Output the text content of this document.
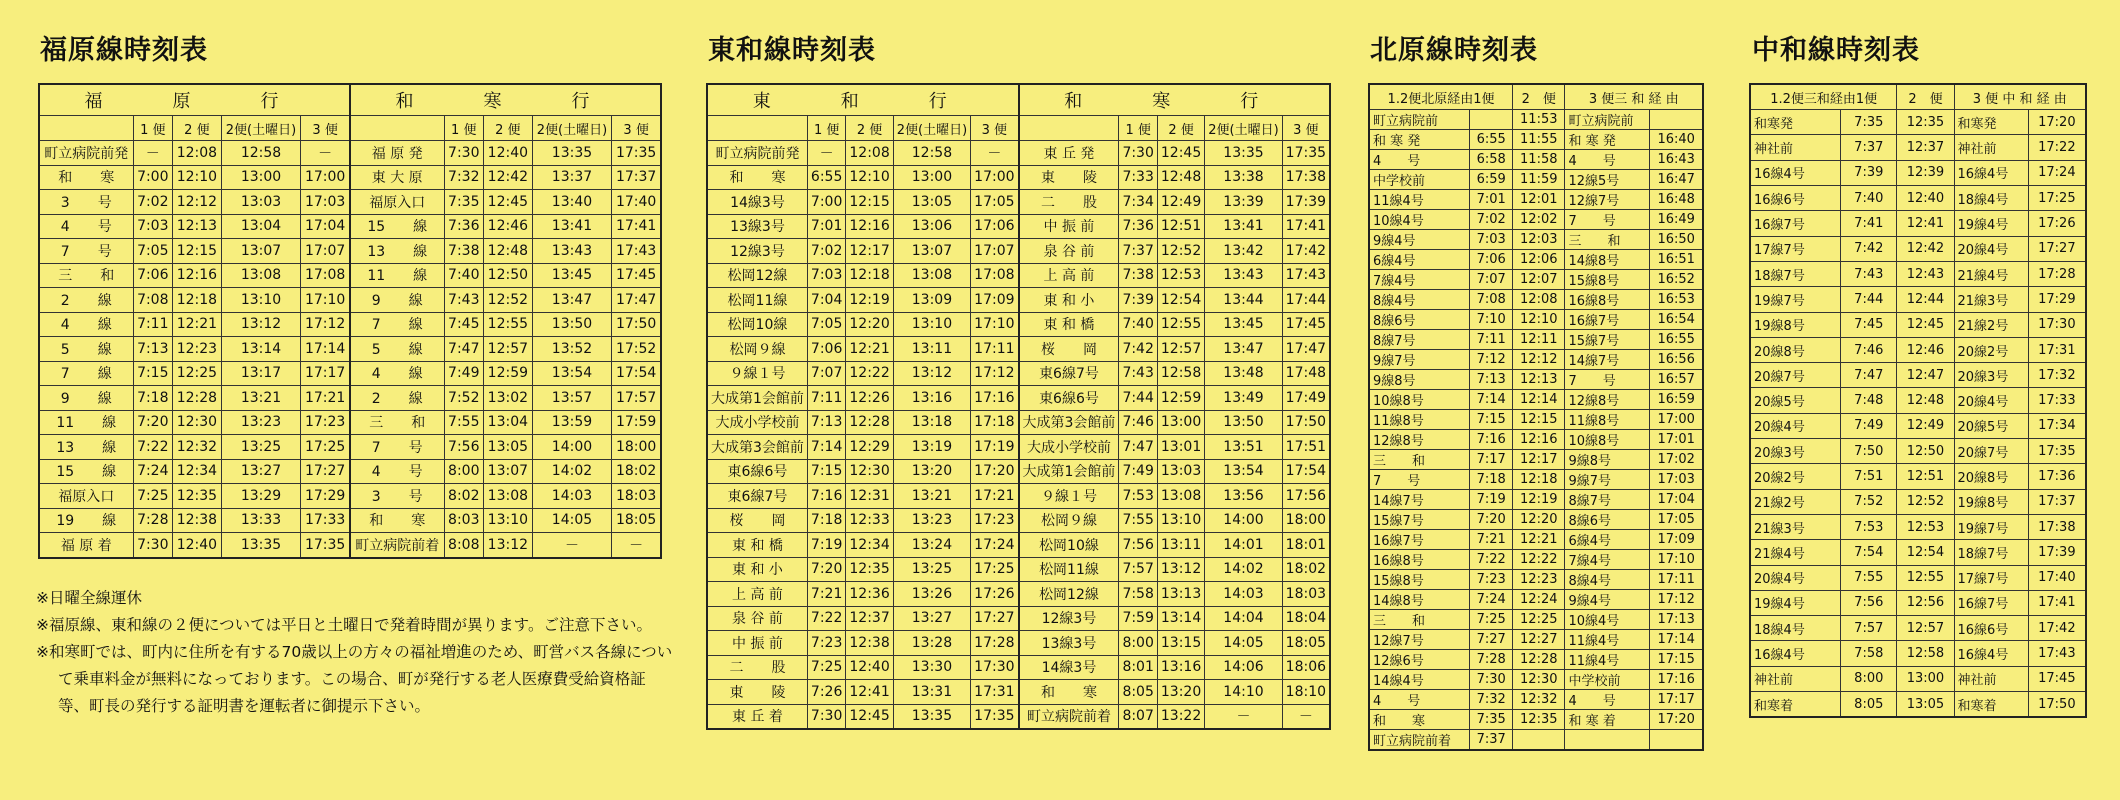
福原線時刻表
福　原　行					和　寒　行				
	1 便	2 便	2便(土曜日)	3 便		1 便	2 便	2便(土曜日)	3 便
町立病院前発	－	12:08	12:58	－	福 原 発	7:30	12:40	13:35	17:35
和　　寒	7:00	12:10	13:00	17:00	東 大 原	7:32	12:42	13:37	17:37
3　　号	7:02	12:12	13:03	17:03	福原入口	7:35	12:45	13:40	17:40
4　　号	7:03	12:13	13:04	17:04	15　　線	7:36	12:46	13:41	17:41
7　　号	7:05	12:15	13:07	17:07	13　　線	7:38	12:48	13:43	17:43
三　　和	7:06	12:16	13:08	17:08	11　　線	7:40	12:50	13:45	17:45
2　　線	7:08	12:18	13:10	17:10	9　　線	7:43	12:52	13:47	17:47
4　　線	7:11	12:21	13:12	17:12	7　　線	7:45	12:55	13:50	17:50
5　　線	7:13	12:23	13:14	17:14	5　　線	7:47	12:57	13:52	17:52
7　　線	7:15	12:25	13:17	17:17	4　　線	7:49	12:59	13:54	17:54
9　　線	7:18	12:28	13:21	17:21	2　　線	7:52	13:02	13:57	17:57
11　　線	7:20	12:30	13:23	17:23	三　　和	7:55	13:04	13:59	17:59
13　　線	7:22	12:32	13:25	17:25	7　　号	7:56	13:05	14:00	18:00
15　　線	7:24	12:34	13:27	17:27	4　　号	8:00	13:07	14:02	18:02
福原入口	7:25	12:35	13:29	17:29	3　　号	8:02	13:08	14:03	18:03
19　　線	7:28	12:38	13:33	17:33	和　　寒	8:03	13:10	14:05	18:05
福 原 着	7:30	12:40	13:35	17:35	町立病院前着	8:08	13:12	－	－

※日曜全線運休

※福原線、東和線の２便については平日と土曜日で発着時間が異ります。ご注意下さい。

※和寒町では、町内に住所を有する70歳以上の方々の福祉増進のため、町営バス各線について乗車料金が無料になっております。この場合、町が発行する老人医療費受給資格証等、町長の発行する証明書を運転者に御提示下さい。

東和線時刻表
東　和　行					和　寒　行				
	1 便	2 便	2便(土曜日)	3 便		1 便	2 便	2便(土曜日)	3 便
町立病院前発	－	12:08	12:58	－	東 丘 発	7:30	12:45	13:35	17:35
和　　寒	6:55	12:10	13:00	17:00	東　　陵	7:33	12:48	13:38	17:38
14線3号	7:00	12:15	13:05	17:05	二　　股	7:34	12:49	13:39	17:39
13線3号	7:01	12:16	13:06	17:06	中 振 前	7:36	12:51	13:41	17:41
12線3号	7:02	12:17	13:07	17:07	泉 谷 前	7:37	12:52	13:42	17:42
松岡12線	7:03	12:18	13:08	17:08	上 高 前	7:38	12:53	13:43	17:43
松岡11線	7:04	12:19	13:09	17:09	東 和 小	7:39	12:54	13:44	17:44
松岡10線	7:05	12:20	13:10	17:10	東 和 橋	7:40	12:55	13:45	17:45
松岡９線	7:06	12:21	13:11	17:11	桜　　岡	7:42	12:57	13:47	17:47
９線１号	7:07	12:22	13:12	17:12	東6線7号	7:43	12:58	13:48	17:48
大成第1会館前	7:11	12:26	13:16	17:16	東6線6号	7:44	12:59	13:49	17:49
大成小学校前	7:13	12:28	13:18	17:18	大成第3会館前	7:46	13:00	13:50	17:50
大成第3会館前	7:14	12:29	13:19	17:19	大成小学校前	7:47	13:01	13:51	17:51
東6線6号	7:15	12:30	13:20	17:20	大成第1会館前	7:49	13:03	13:54	17:54
東6線7号	7:16	12:31	13:21	17:21	９線１号	7:53	13:08	13:56	17:56
桜　　岡	7:18	12:33	13:23	17:23	松岡９線	7:55	13:10	14:00	18:00
東 和 橋	7:19	12:34	13:24	17:24	松岡10線	7:56	13:11	14:01	18:01
東 和 小	7:20	12:35	13:25	17:25	松岡11線	7:57	13:12	14:02	18:02
上 高 前	7:21	12:36	13:26	17:26	松岡12線	7:58	13:13	14:03	18:03
泉 谷 前	7:22	12:37	13:27	17:27	12線3号	7:59	13:14	14:04	18:04
中 振 前	7:23	12:38	13:28	17:28	13線3号	8:00	13:15	14:05	18:05
二　　股	7:25	12:40	13:30	17:30	14線3号	8:01	13:16	14:06	18:06
東　　陵	7:26	12:41	13:31	17:31	和　　寒	8:05	13:20	14:10	18:10
東 丘 着	7:30	12:45	13:35	17:35	町立病院前着	8:07	13:22	－	－
北原線時刻表
1.2便北原経由1便		2　便	3 便三 和 経 由	
町立病院前		11:53	町立病院前	
和 寒 発	6:55	11:55	和 寒 発	16:40
4　　号	6:58	11:58	4　　号	16:43
中学校前	6:59	11:59	12線5号	16:47
11線4号	7:01	12:01	12線7号	16:48
10線4号	7:02	12:02	7　　号	16:49
9線4号	7:03	12:03	三　　和	16:50
6線4号	7:06	12:06	14線8号	16:51
7線4号	7:07	12:07	15線8号	16:52
8線4号	7:08	12:08	16線8号	16:53
8線6号	7:10	12:10	16線7号	16:54
8線7号	7:11	12:11	15線7号	16:55
9線7号	7:12	12:12	14線7号	16:56
9線8号	7:13	12:13	7　　号	16:57
10線8号	7:14	12:14	12線8号	16:59
11線8号	7:15	12:15	11線8号	17:00
12線8号	7:16	12:16	10線8号	17:01
三　　和	7:17	12:17	9線8号	17:02
7　　号	7:18	12:18	9線7号	17:03
14線7号	7:19	12:19	8線7号	17:04
15線7号	7:20	12:20	8線6号	17:05
16線7号	7:21	12:21	6線4号	17:09
16線8号	7:22	12:22	7線4号	17:10
15線8号	7:23	12:23	8線4号	17:11
14線8号	7:24	12:24	9線4号	17:12
三　　和	7:25	12:25	10線4号	17:13
12線7号	7:27	12:27	11線4号	17:14
12線6号	7:28	12:28	11線4号	17:15
14線4号	7:30	12:30	中学校前	17:16
4　　号	7:32	12:32	4　　号	17:17
和　　寒	7:35	12:35	和 寒 着	17:20
町立病院前着	7:37			
中和線時刻表
1.2便三和経由1便		2　便	3 便 中 和 経 由	
和寒発	7:35	12:35	和寒発	17:20
神社前	7:37	12:37	神社前	17:22
16線4号	7:39	12:39	16線4号	17:24
16線6号	7:40	12:40	18線4号	17:25
16線7号	7:41	12:41	19線4号	17:26
17線7号	7:42	12:42	20線4号	17:27
18線7号	7:43	12:43	21線4号	17:28
19線7号	7:44	12:44	21線3号	17:29
19線8号	7:45	12:45	21線2号	17:30
20線8号	7:46	12:46	20線2号	17:31
20線7号	7:47	12:47	20線3号	17:32
20線5号	7:48	12:48	20線4号	17:33
20線4号	7:49	12:49	20線5号	17:34
20線3号	7:50	12:50	20線7号	17:35
20線2号	7:51	12:51	20線8号	17:36
21線2号	7:52	12:52	19線8号	17:37
21線3号	7:53	12:53	19線7号	17:38
21線4号	7:54	12:54	18線7号	17:39
20線4号	7:55	12:55	17線7号	17:40
19線4号	7:56	12:56	16線7号	17:41
18線4号	7:57	12:57	16線6号	17:42
16線4号	7:58	12:58	16線4号	17:43
神社前	8:00	13:00	神社前	17:45
和寒着	8:05	13:05	和寒着	17:50
